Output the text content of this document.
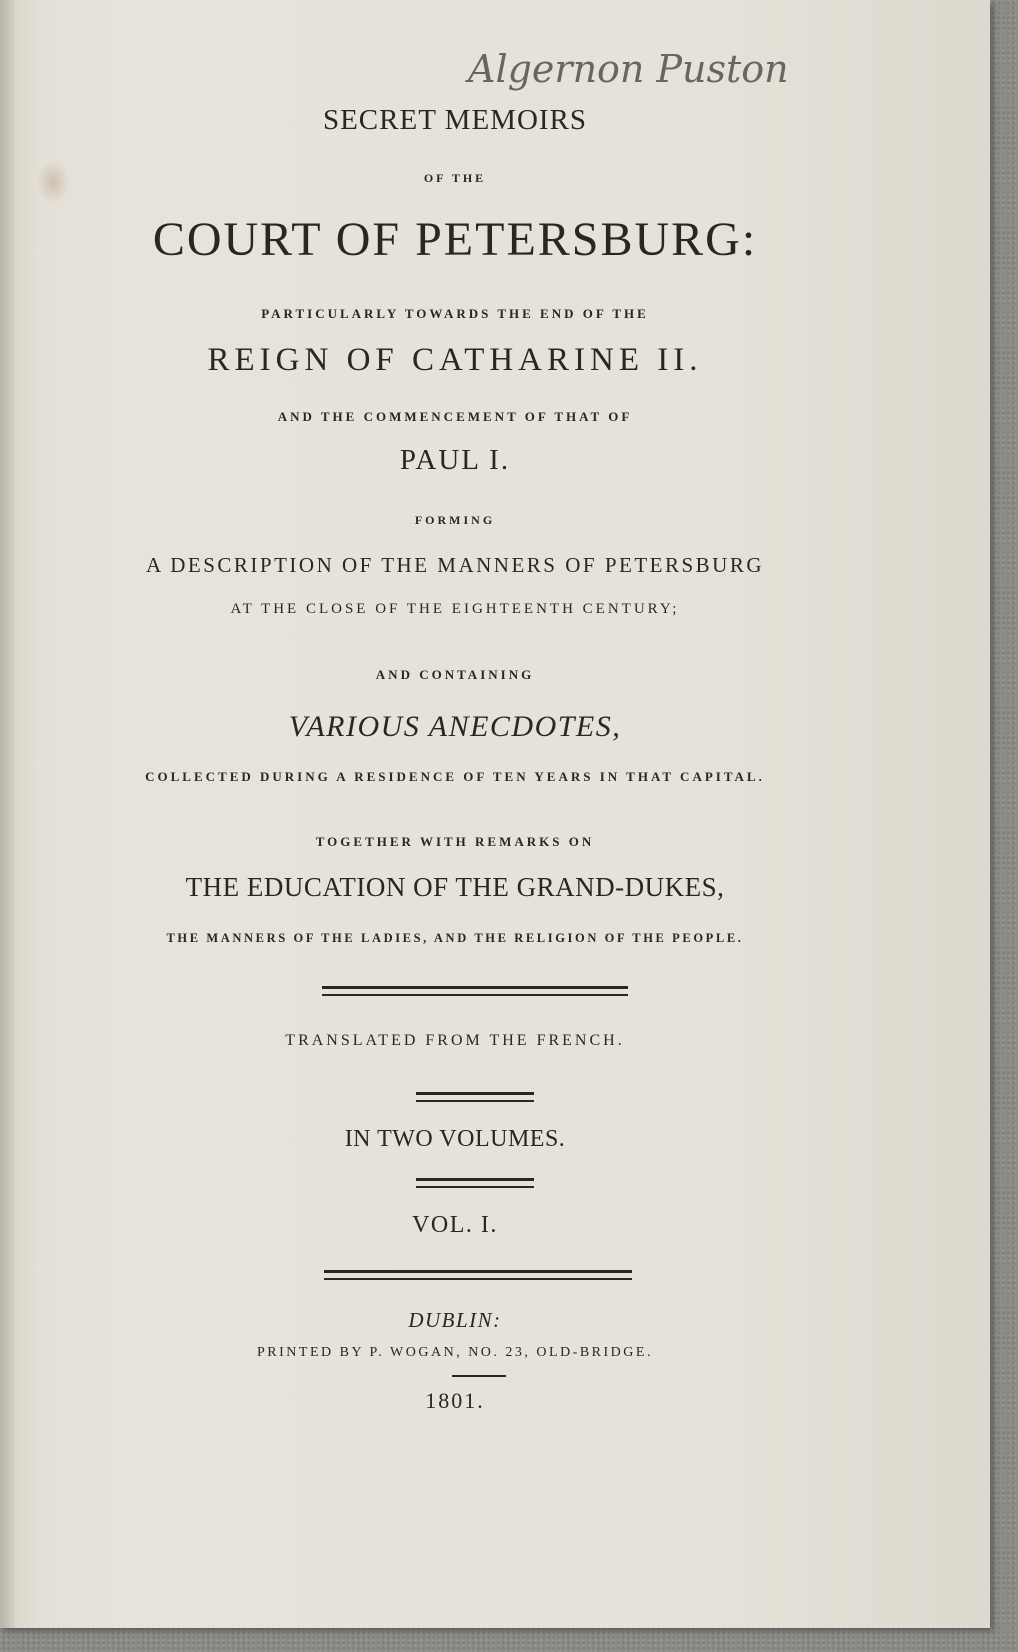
Algernon Puston

SECRET MEMOIRS

OF THE

COURT OF PETERSBURG:

PARTICULARLY TOWARDS THE END OF THE

REIGN OF CATHARINE II.

AND THE COMMENCEMENT OF THAT OF

PAUL I.

FORMING

A DESCRIPTION OF THE MANNERS OF PETERSBURG

AT THE CLOSE OF THE EIGHTEENTH CENTURY;

AND CONTAINING

VARIOUS ANECDOTES,

COLLECTED DURING A RESIDENCE OF TEN YEARS IN THAT CAPITAL.

TOGETHER WITH REMARKS ON

THE EDUCATION OF THE GRAND-DUKES,

THE MANNERS OF THE LADIES, AND THE RELIGION OF THE PEOPLE.

TRANSLATED FROM THE FRENCH.

IN TWO VOLUMES.

VOL. I.

DUBLIN:

PRINTED BY P. WOGAN, NO. 23, OLD-BRIDGE.

1801.
